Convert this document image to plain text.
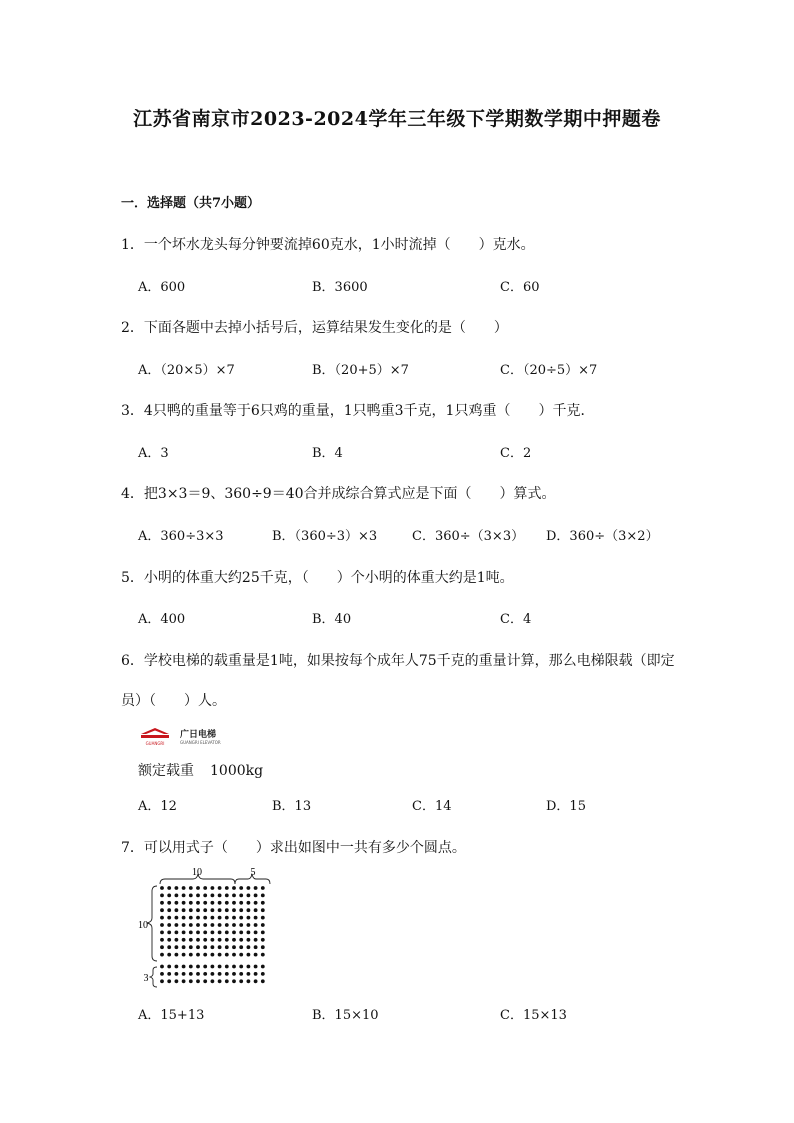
江苏省南京市2023-2024学年三年级下学期数学期中押题卷
一．选择题（共7小题）
1．一个坏水龙头每分钟要流掉60克水，1小时流掉（　　）克水。
A．600	B．3600	C．60
2．下面各题中去掉小括号后，运算结果发生变化的是（　　）
A．（20×5）×7	B．（20+5）×7	C．（20÷5）×7
3．4只鸭的重量等于6只鸡的重量，1只鸭重3千克，1只鸡重（　　）千克．
A．3	B．4	C．2
4．把3×3＝9、360÷9＝40合并成综合算式应是下面（　　）算式。
A．360÷3×3	B．（360÷3）×3	C．360÷（3×3） D．360÷（3×2）
5．小明的体重大约25千克，（　　）个小明的体重大约是1吨。
A．400	B．40	C．4
6．学校电梯的载重量是1吨，如果按每个成年人75千克的重量计算，那么电梯限载（即定
员）（　　）人。
GUANGRI
广日电梯
GUANGRI ELEVATOR
额定载重 1000kg
A．12	B．13	C．14	D．15
7．可以用式子（　　）求出如图中一共有多少个圆点。
10	5
10
3
A．15+13	B．15×10	C．15×13
